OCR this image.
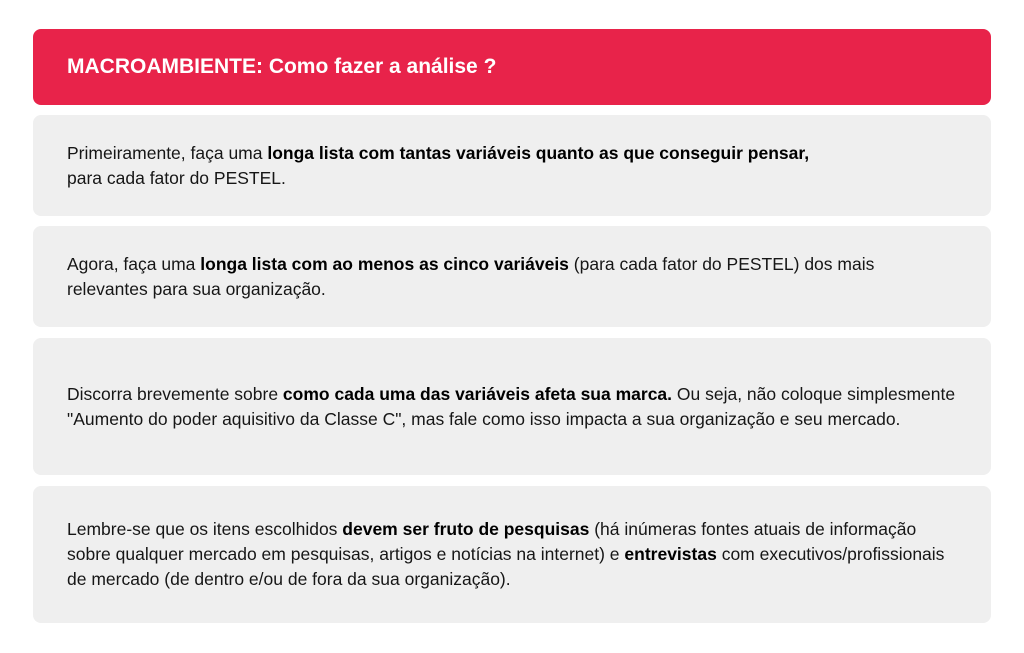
MACROAMBIENTE: Como fazer a análise ?

Primeiramente, faça uma longa lista com tantas variáveis quanto as que conseguir pensar,
para cada fator do PESTEL.

Agora, faça uma longa lista com ao menos as cinco variáveis (para cada fator do PESTEL) dos mais relevantes para sua organização.

Discorra brevemente sobre como cada uma das variáveis afeta sua marca. Ou seja, não coloque simplesmente "Aumento do poder aquisitivo da Classe C", mas fale como isso impacta a sua organização e seu mercado.

Lembre-se que os itens escolhidos devem ser fruto de pesquisas (há inúmeras fontes atuais de informação sobre qualquer mercado em pesquisas, artigos e notícias na internet) e entrevistas com executivos/profissionais de mercado (de dentro e/ou de fora da sua organização).
